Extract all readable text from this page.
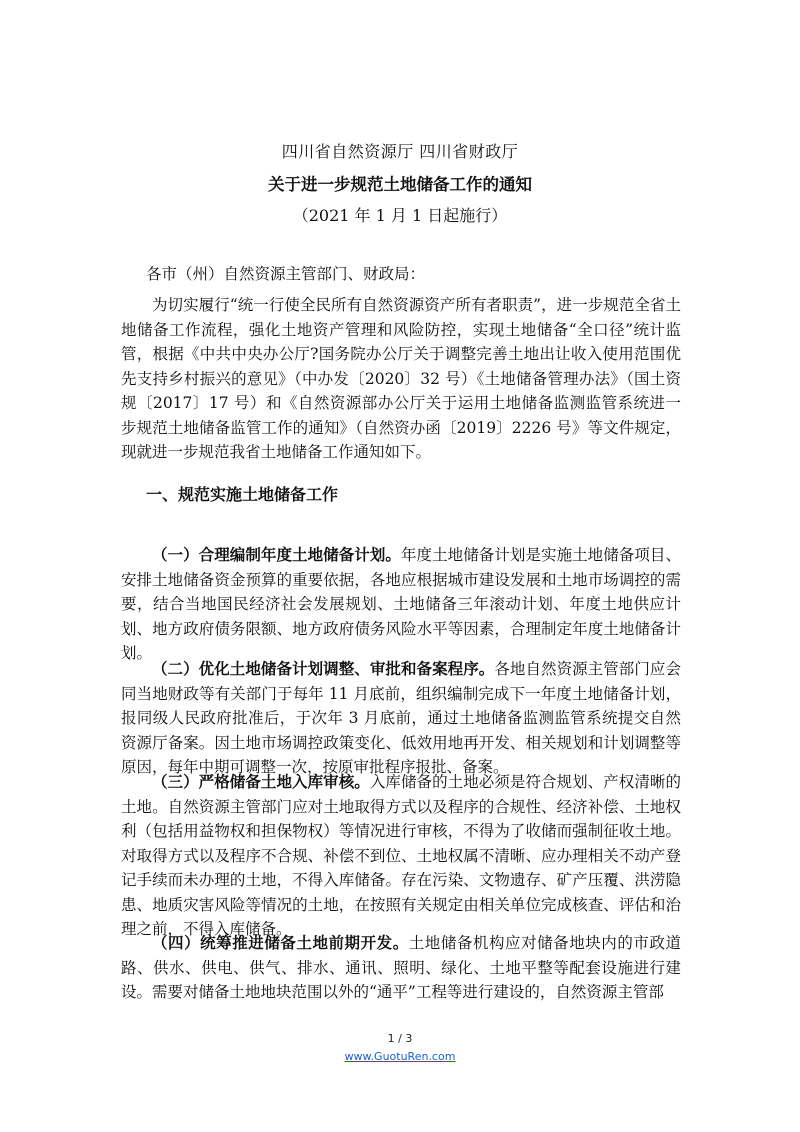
四川省自然资源厅 四川省财政厅
关于进一步规范土地储备工作的通知
（2021 年 1 月 1 日起施行）

各市（州）自然资源主管部门、财政局：

为切实履行“统一行使全民所有自然资源资产所有者职责”，进一步规范全省土地储备工作流程，强化土地资产管理和风险防控，实现土地储备“全口径”统计监管，根据《中共中央办公厅?国务院办公厅关于调整完善土地出让收入使用范围优先支持乡村振兴的意见》（中办发〔2020〕32 号）《土地储备管理办法》（国土资规〔2017〕17 号）和《自然资源部办公厅关于运用土地储备监测监管系统进一步规范土地储备监管工作的通知》（自然资办函〔2019〕2226 号》等文件规定，现就进一步规范我省土地储备工作通知如下。

一、规范实施土地储备工作

（一）合理编制年度土地储备计划。年度土地储备计划是实施土地储备项目、安排土地储备资金预算的重要依据，各地应根据城市建设发展和土地市场调控的需要，结合当地国民经济社会发展规划、土地储备三年滚动计划、年度土地供应计划、地方政府债务限额、地方政府债务风险水平等因素，合理制定年度土地储备计划。

（二）优化土地储备计划调整、审批和备案程序。各地自然资源主管部门应会同当地财政等有关部门于每年 11 月底前，组织编制完成下一年度土地储备计划，报同级人民政府批准后，于次年 3 月底前，通过土地储备监测监管系统提交自然资源厅备案。因土地市场调控政策变化、低效用地再开发、相关规划和计划调整等原因，每年中期可调整一次，按原审批程序报批、备案。

（三）严格储备土地入库审核。入库储备的土地必须是符合规划、产权清晰的土地。自然资源主管部门应对土地取得方式以及程序的合规性、经济补偿、土地权利（包括用益物权和担保物权）等情况进行审核，不得为了收储而强制征收土地。对取得方式以及程序不合规、补偿不到位、土地权属不清晰、应办理相关不动产登记手续而未办理的土地，不得入库储备。存在污染、文物遗存、矿产压覆、洪涝隐患、地质灾害风险等情况的土地，在按照有关规定由相关单位完成核查、评估和治理之前，不得入库储备。

（四）统筹推进储备土地前期开发。土地储备机构应对储备地块内的市政道路、供水、供电、供气、排水、通讯、照明、绿化、土地平整等配套设施进行建设。需要对储备土地地块范围以外的“通平”工程等进行建设的，自然资源主管部

1 / 3
www.GuotuRen.com
